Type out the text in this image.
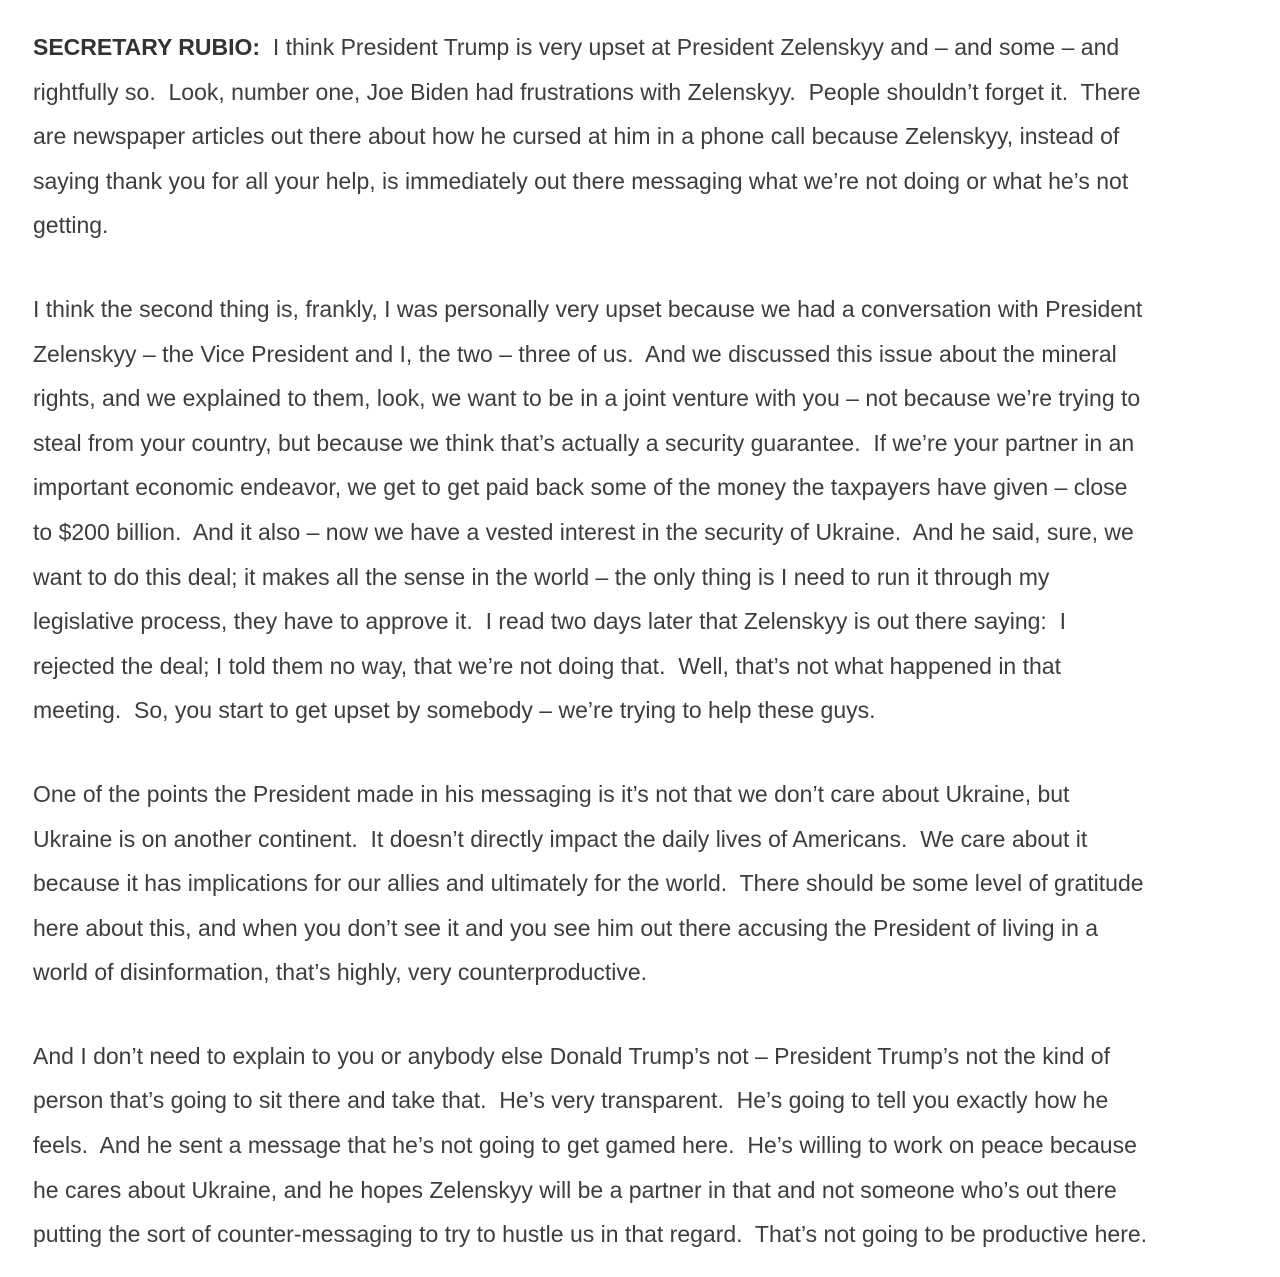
SECRETARY RUBIO:  I think President Trump is very upset at President Zelenskyy and – and some – and
rightfully so.  Look, number one, Joe Biden had frustrations with Zelenskyy.  People shouldn’t forget it.  There
are newspaper articles out there about how he cursed at him in a phone call because Zelenskyy, instead of
saying thank you for all your help, is immediately out there messaging what we’re not doing or what he’s not
getting.
I think the second thing is, frankly, I was personally very upset because we had a conversation with President
Zelenskyy – the Vice President and I, the two – three of us.  And we discussed this issue about the mineral
rights, and we explained to them, look, we want to be in a joint venture with you – not because we’re trying to
steal from your country, but because we think that’s actually a security guarantee.  If we’re your partner in an
important economic endeavor, we get to get paid back some of the money the taxpayers have given – close
to $200 billion.  And it also – now we have a vested interest in the security of Ukraine.  And he said, sure, we
want to do this deal; it makes all the sense in the world – the only thing is I need to run it through my
legislative process, they have to approve it.  I read two days later that Zelenskyy is out there saying:  I
rejected the deal; I told them no way, that we’re not doing that.  Well, that’s not what happened in that
meeting.  So, you start to get upset by somebody – we’re trying to help these guys.
One of the points the President made in his messaging is it’s not that we don’t care about Ukraine, but
Ukraine is on another continent.  It doesn’t directly impact the daily lives of Americans.  We care about it
because it has implications for our allies and ultimately for the world.  There should be some level of gratitude
here about this, and when you don’t see it and you see him out there accusing the President of living in a
world of disinformation, that’s highly, very counterproductive.
And I don’t need to explain to you or anybody else Donald Trump’s not – President Trump’s not the kind of
person that’s going to sit there and take that.  He’s very transparent.  He’s going to tell you exactly how he
feels.  And he sent a message that he’s not going to get gamed here.  He’s willing to work on peace because
he cares about Ukraine, and he hopes Zelenskyy will be a partner in that and not someone who’s out there
putting the sort of counter-messaging to try to hustle us in that regard.  That’s not going to be productive here.
